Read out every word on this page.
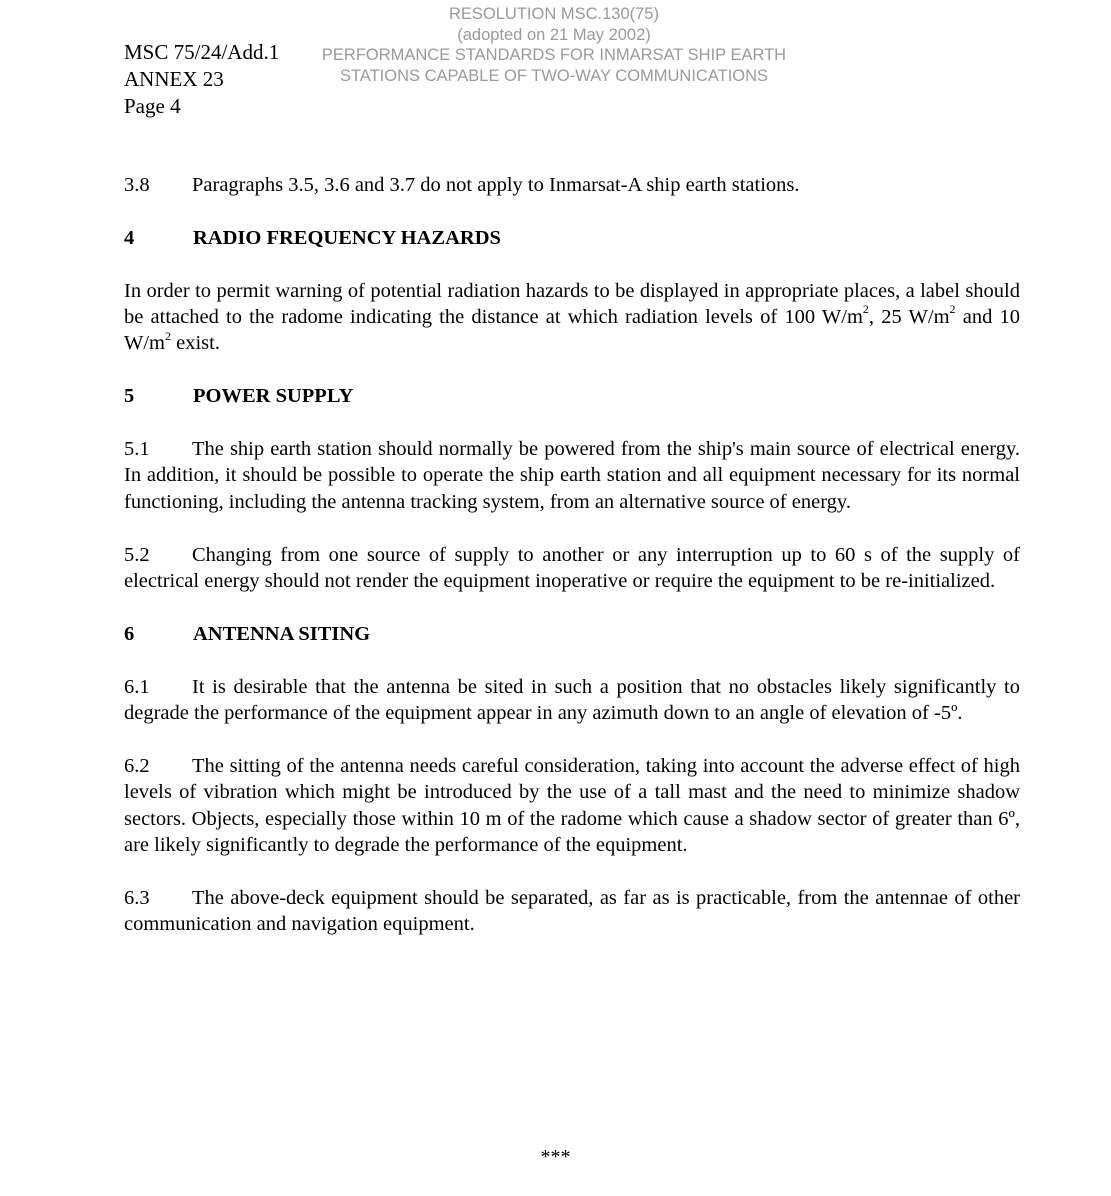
RESOLUTION MSC.130(75)
(adopted on 21 May 2002)
PERFORMANCE STANDARDS FOR INMARSAT SHIP EARTH
STATIONS CAPABLE OF TWO-WAY COMMUNICATIONS
MSC 75/24/Add.1
ANNEX 23
Page 4
3.8 Paragraphs 3.5, 3.6 and 3.7 do not apply to Inmarsat-A ship earth stations.
4	RADIO FREQUENCY HAZARDS
In order to permit warning of potential radiation hazards to be displayed in appropriate places, a label should be attached to the radome indicating the distance at which radiation levels of 100 $W/m^2$, 25 $W/m^2$ and 10 $W/m^2$ exist.
5	POWER SUPPLY
5.1 The ship earth station should normally be powered from the ship's main source of electrical energy. In addition, it should be possible to operate the ship earth station and all equipment necessary for its normal functioning, including the antenna tracking system, from an alternative source of energy.
5.2 Changing from one source of supply to another or any interruption up to 60 s of the supply of electrical energy should not render the equipment inoperative or require the equipment to be re-initialized.
6	ANTENNA SITING
6.1 It is desirable that the antenna be sited in such a position that no obstacles likely significantly to degrade the performance of the equipment appear in any azimuth down to an angle of elevation of -5º.
6.2 The sitting of the antenna needs careful consideration, taking into account the adverse effect of high levels of vibration which might be introduced by the use of a tall mast and the need to minimize shadow sectors. Objects, especially those within 10 m of the radome which cause a shadow sector of greater than 6º, are likely significantly to degrade the performance of the equipment.
6.3 The above-deck equipment should be separated, as far as is practicable, from the antennae of other communication and navigation equipment.
***
